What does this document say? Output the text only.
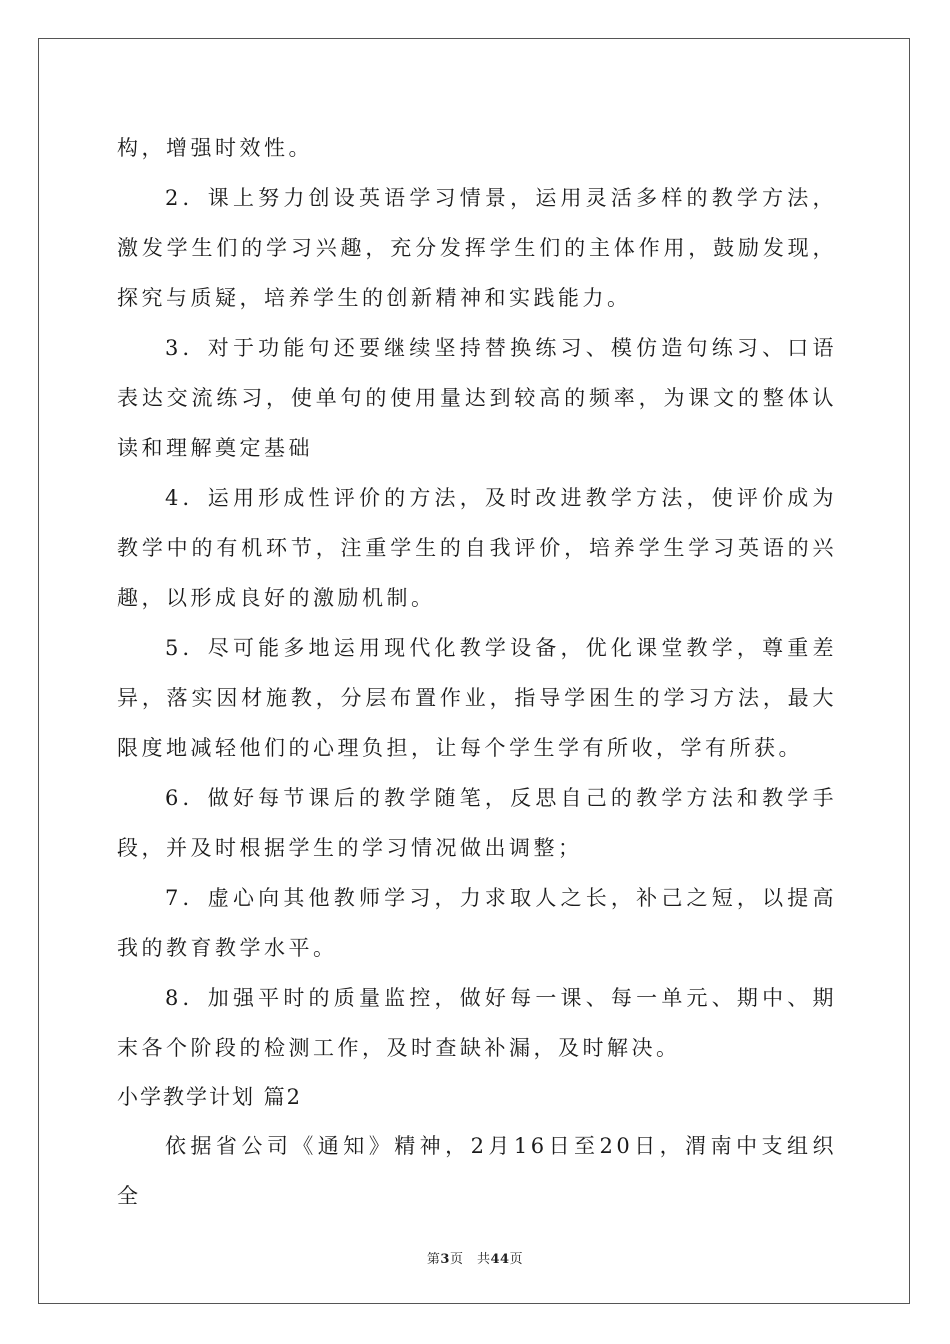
构，增强时效性。

2．课上努力创设英语学习情景，运用灵活多样的教学方法，激发学生们的学习兴趣，充分发挥学生们的主体作用，鼓励发现，探究与质疑，培养学生的创新精神和实践能力。

3．对于功能句还要继续坚持替换练习、模仿造句练习、口语表达交流练习，使单句的使用量达到较高的频率，为课文的整体认读和理解奠定基础

4．运用形成性评价的方法，及时改进教学方法，使评价成为教学中的有机环节，注重学生的自我评价，培养学生学习英语的兴趣，以形成良好的激励机制。

5．尽可能多地运用现代化教学设备，优化课堂教学，尊重差异，落实因材施教，分层布置作业，指导学困生的学习方法，最大限度地减轻他们的心理负担，让每个学生学有所收，学有所获。

6．做好每节课后的教学随笔，反思自己的教学方法和教学手段，并及时根据学生的学习情况做出调整；

7．虚心向其他教师学习，力求取人之长，补己之短，以提高我的教育教学水平。

8．加强平时的质量监控，做好每一课、每一单元、期中、期末各个阶段的检测工作，及时查缺补漏，及时解决。

小学教学计划 篇2

依据省公司《通知》精神，2月16日至20日，渭南中支组织全

第3页　共44页
